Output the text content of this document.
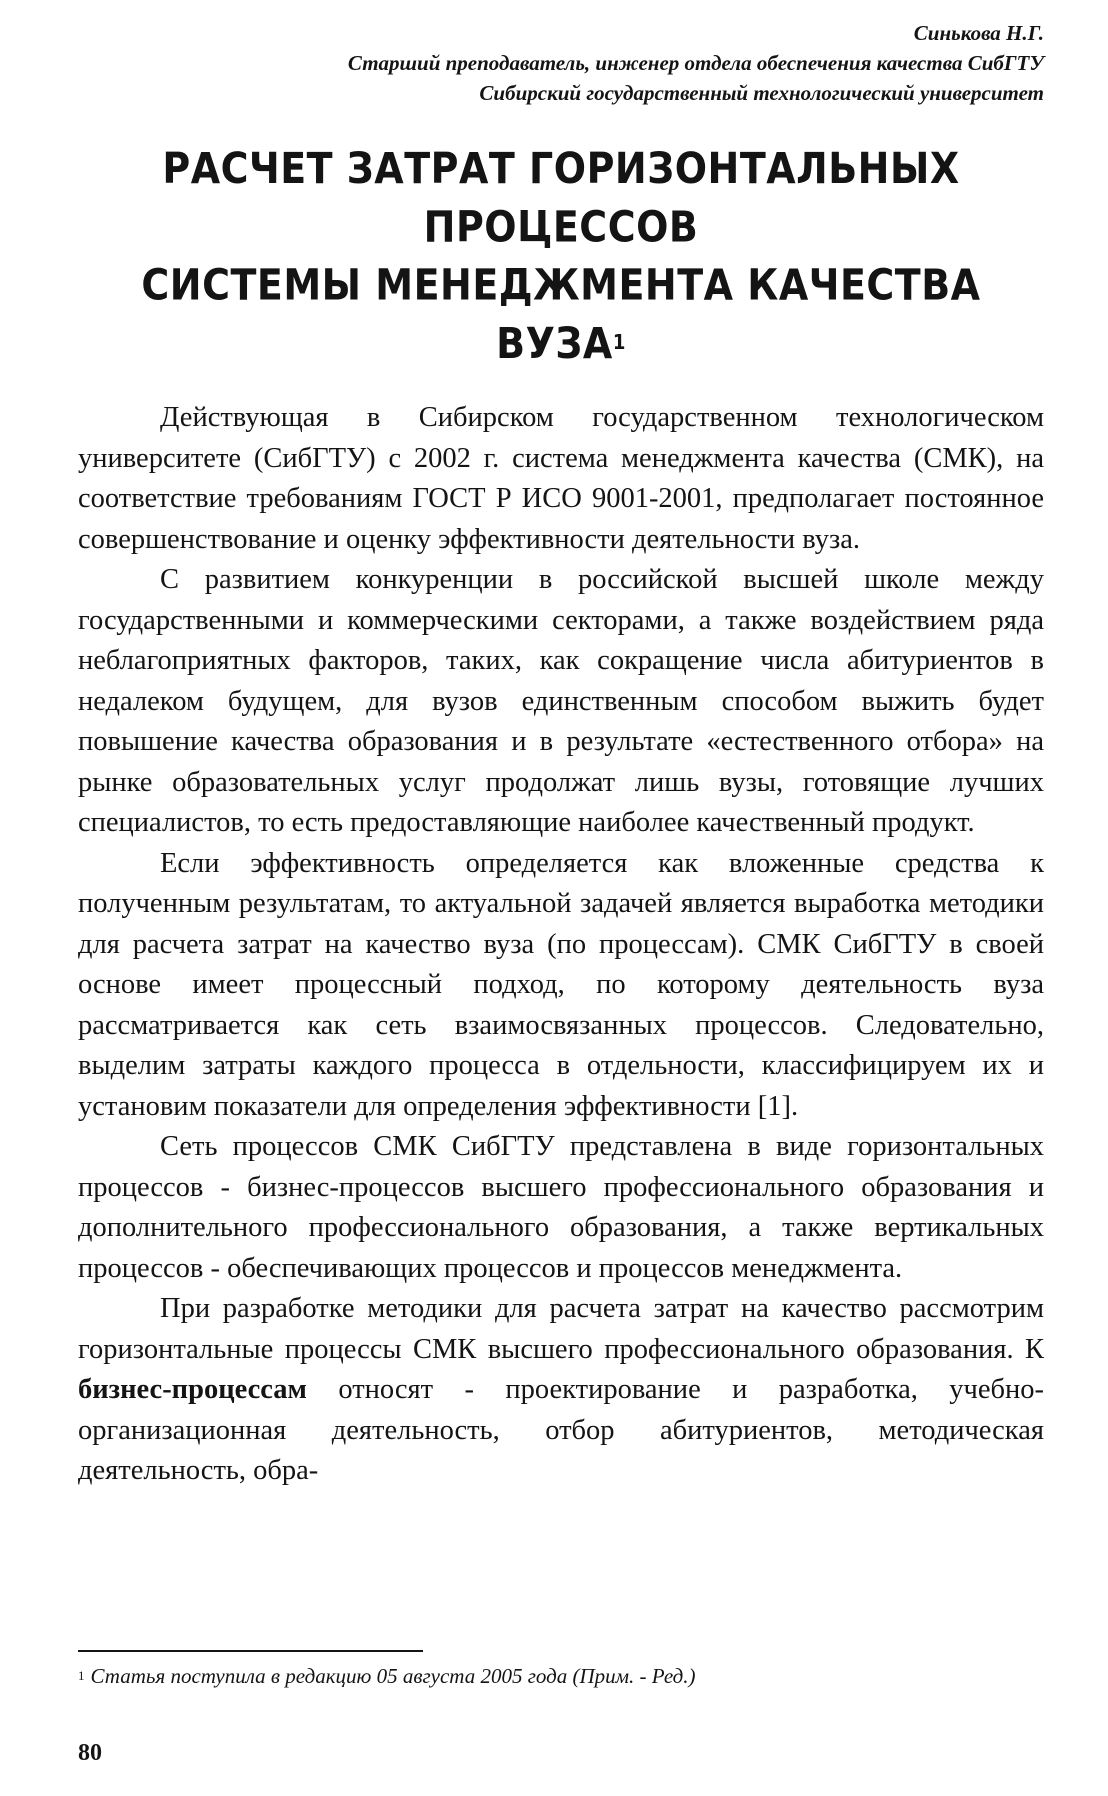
Синькова Н.Г.
Старший преподаватель, инженер отдела обеспечения качества СибГТУ
Сибирский государственный технологический университет
РАСЧЕТ ЗАТРАТ ГОРИЗОНТАЛЬНЫХ ПРОЦЕССОВ
СИСТЕМЫ МЕНЕДЖМЕНТА КАЧЕСТВА ВУЗА$^1$

Действующая в Сибирском государственном технологическом университете (СибГТУ) с 2002 г. система менеджмента качества (СМК), на соответствие требованиям ГОСТ Р ИСО 9001-2001, предполагает постоянное совершенствование и оценку эффективности деятельности вуза.

С развитием конкуренции в российской высшей школе между государственными и коммерческими секторами, а также воздействием ряда неблагоприятных факторов, таких, как сокращение числа абитуриентов в недалеком будущем, для вузов единственным способом выжить будет повышение качества образования и в результате «естественного отбора» на рынке образовательных услуг продолжат лишь вузы, готовящие лучших специалистов, то есть предоставляющие наиболее качественный продукт.

Если эффективность определяется как вложенные средства к полученным результатам, то актуальной задачей является выработка методики для расчета затрат на качество вуза (по процессам). СМК СибГТУ в своей основе имеет процессный подход, по которому деятельность вуза рассматривается как сеть взаимосвязанных процессов. Следовательно, выделим затраты каждого процесса в отдельности, классифицируем их и установим показатели для определения эффективности [1].

Сеть процессов СМК СибГТУ представлена в виде горизонтальных процессов - бизнес-процессов высшего профессионального образования и дополнительного профессионального образования, а также вертикальных процессов - обеспечивающих процессов и процессов менеджмента.

При разработке методики для расчета затрат на качество рассмотрим горизонтальные процессы СМК высшего профессионального образования. К бизнес-процессам относят - проектирование и разработка, учебно-организационная деятельность, отбор абитуриентов, методическая деятельность, обра-

$^1$ Статья поступила в редакцию 05 августа 2005 года (Прим. - Ред.)
80
